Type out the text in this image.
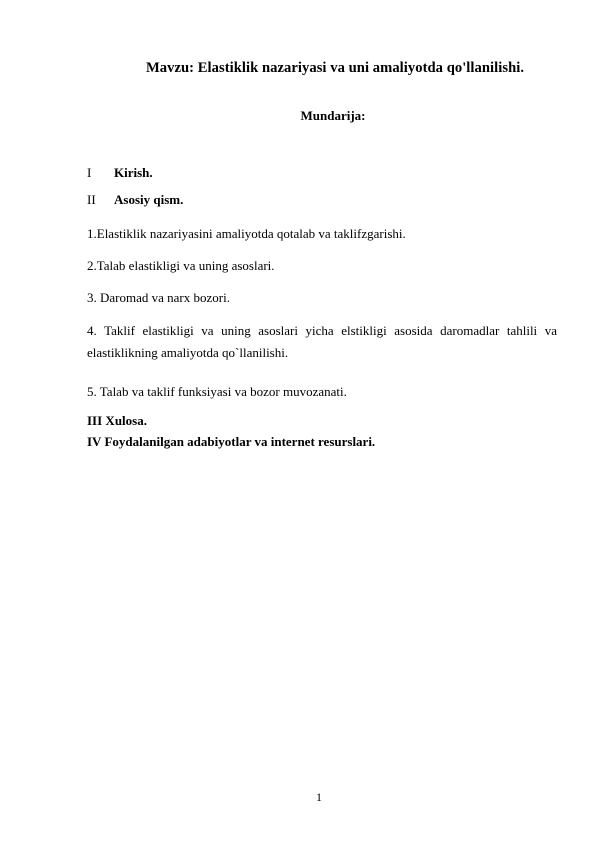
Mavzu: Elastiklik nazariyasi va uni amaliyotda qo'llanilishi.
Mundarija:
I Kirish.
II Asosiy qism.
1.Elastiklik nazariyasini amaliyotda qotalab va taklifzgarishi.
2.Talab elastikligi va uning asoslari.
3. Daromad va narx bozori.
4. Taklif elastikligi va uning asoslari yicha elstikligi asosida daromadlar tahlili va elastiklikning amaliyotda qo`llanilishi.
5. Talab va taklif funksiyasi va bozor muvozanati.
III Xulosa.
IV Foydalanilgan adabiyotlar va internet resurslari.
1
